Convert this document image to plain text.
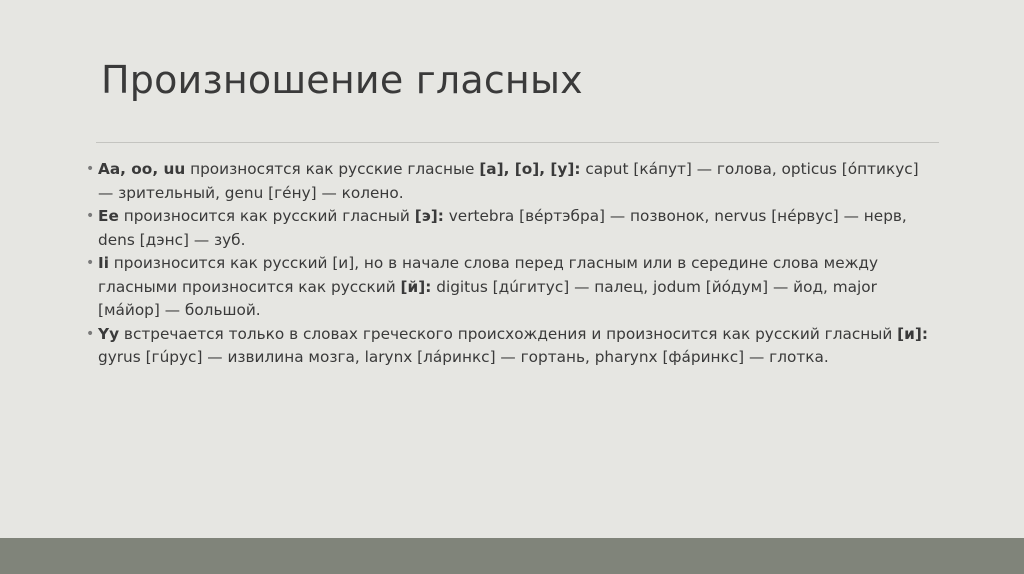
Произношение гласных
• Aa, oo, uu произносятся как русские гласные [а], [о], [у]: caput [кáпут] — голова, opticus [óптикус] — зрительный, genu [гéну] — колено.
• Ee произносится как русский гласный [э]: vertebra [вéртэбра] — позвонок, nervus [нéрвус] — нерв, dens [дэнс] — зуб.
• Ii произносится как русский [и], но в начале слова перед гласным или в середине слова между гласными произносится как русский [й]: digitus [дúгитус] — палец, jodum [йóдум] — йод, major [мáйор] — большой.
• Yy встречается только в словах греческого происхождения и произносится как русский гласный [и]: gyrus [гúрус] — извилина мозга, larynx [лáринкс] — гортань, pharynx [фáринкс] — глотка.
